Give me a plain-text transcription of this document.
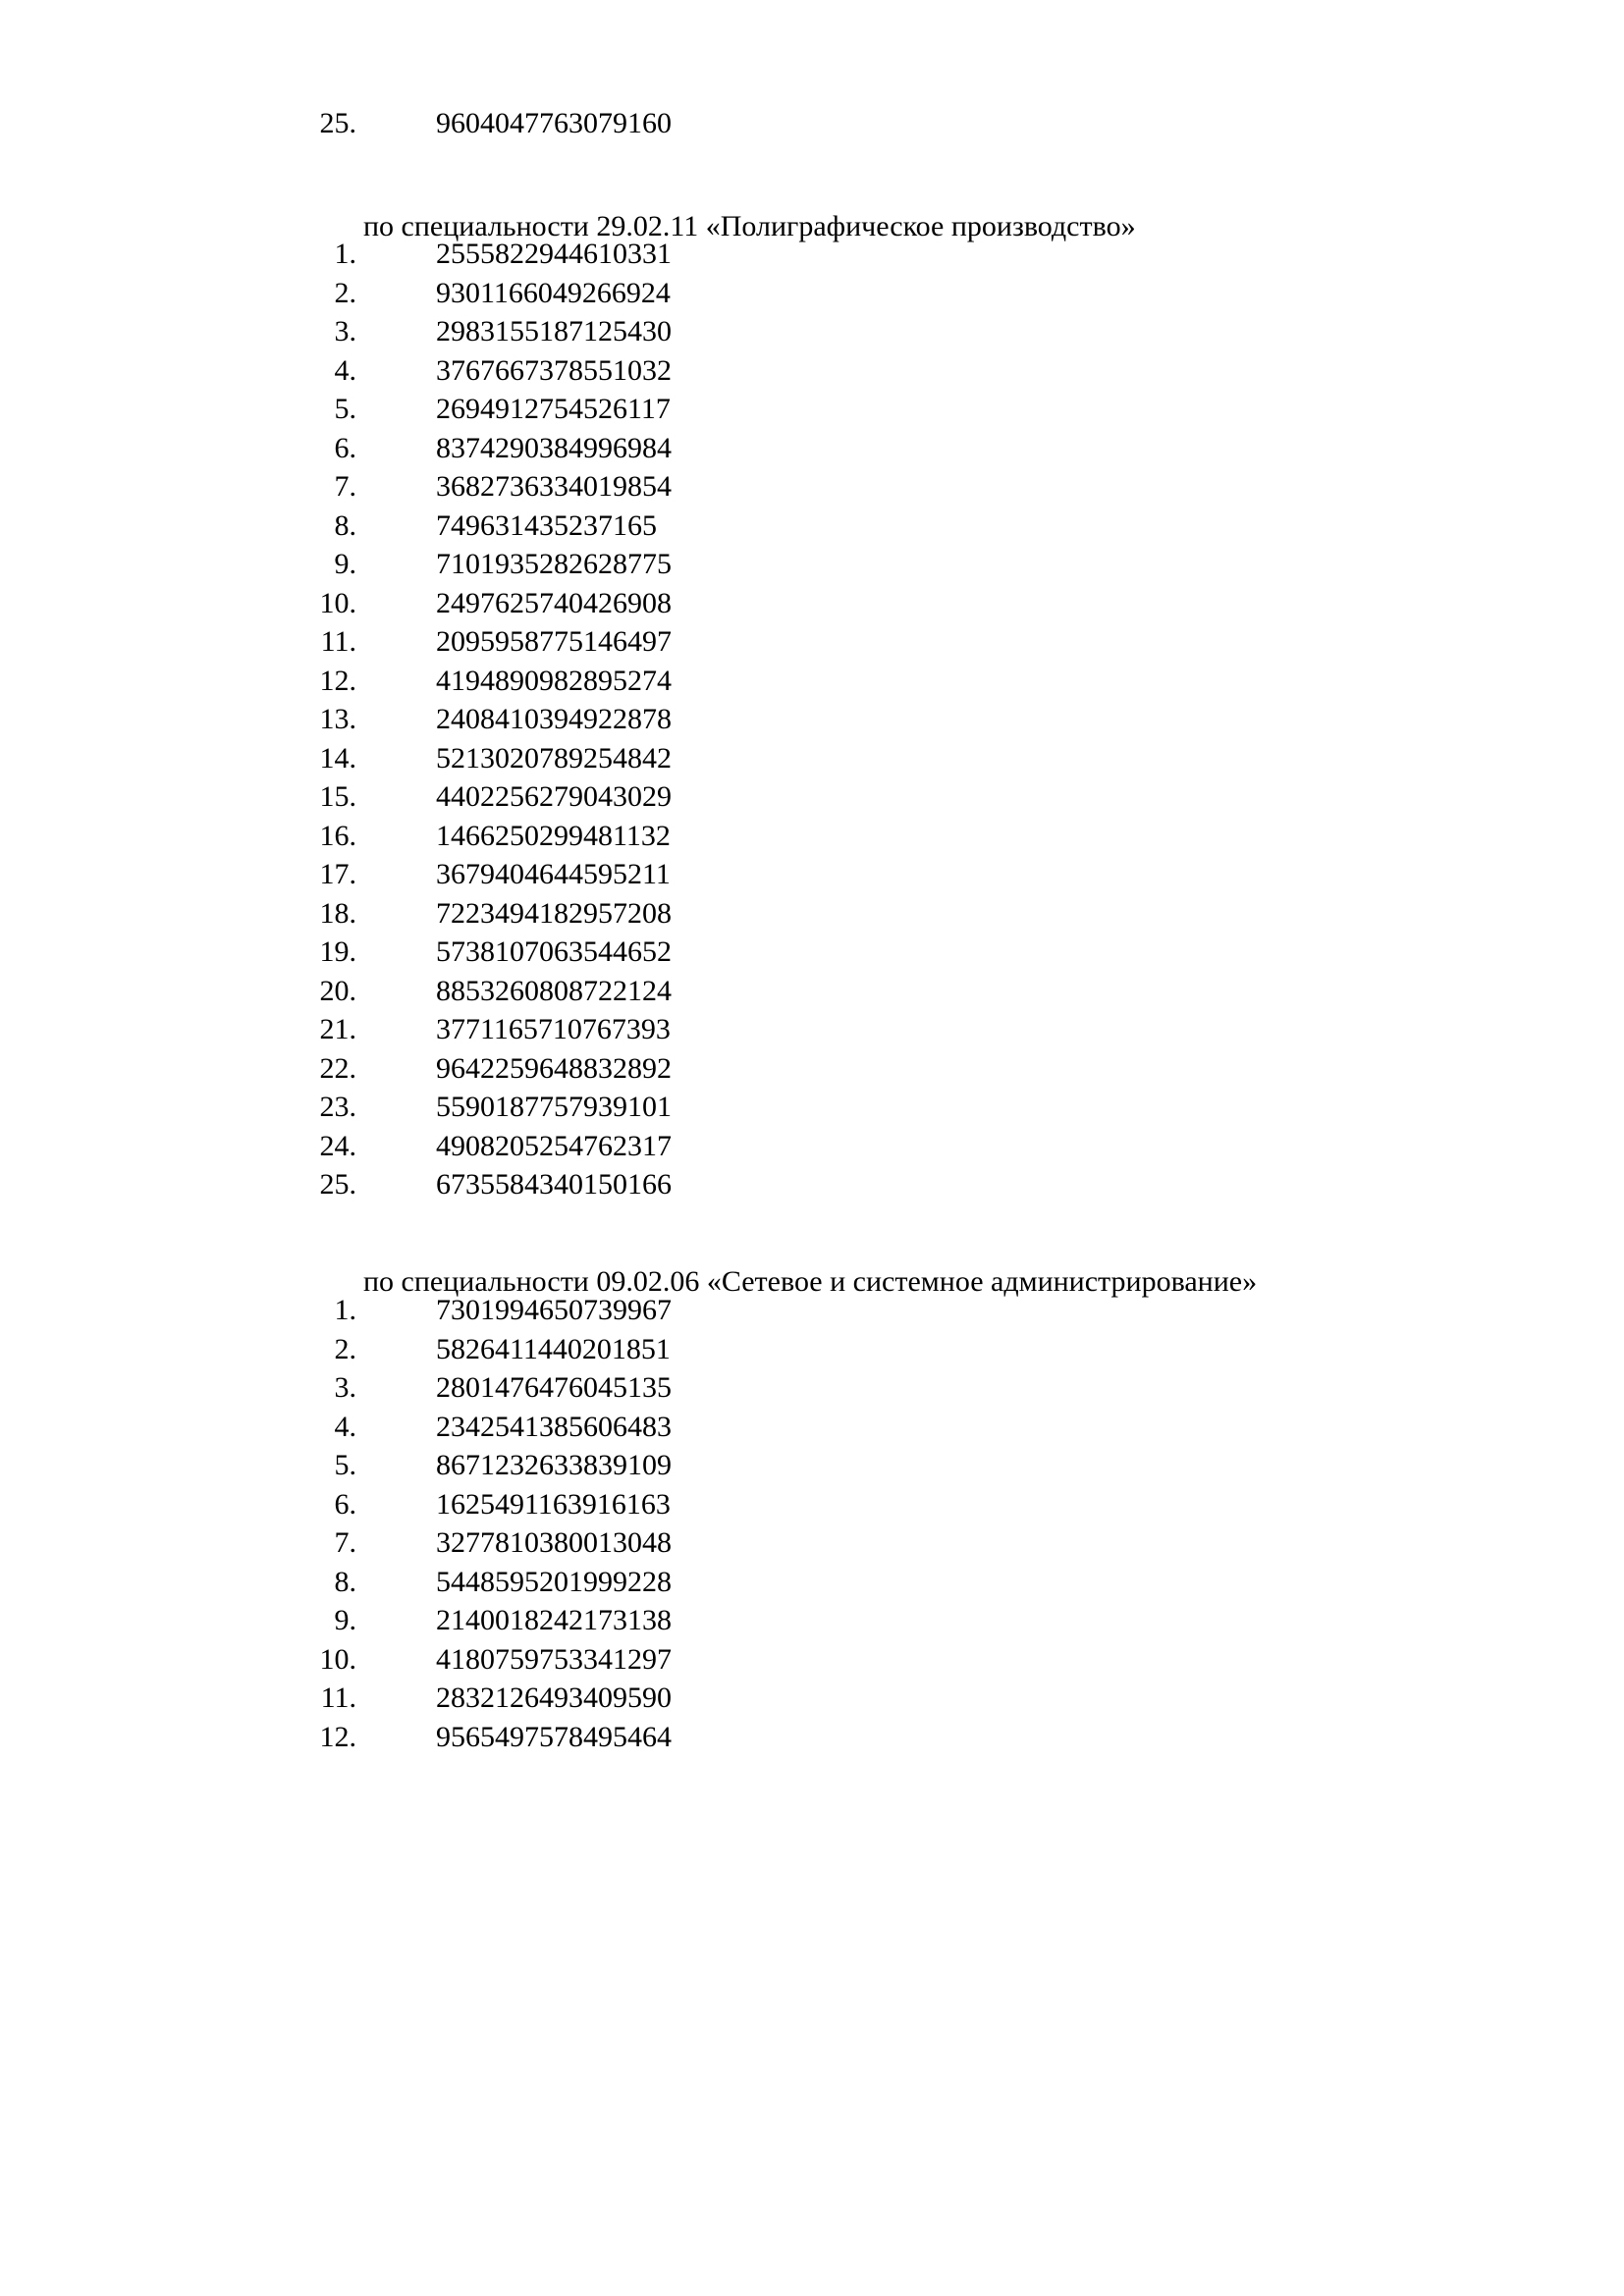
25.	9604047763079160
по специальности 29.02.11 «Полиграфическое производство»
1.	2555822944610331
2.	9301166049266924
3.	2983155187125430
4.	3767667378551032
5.	2694912754526117
6.	8374290384996984
7.	3682736334019854
8.	749631435237165
9.	7101935282628775
10.	2497625740426908
11.	2095958775146497
12.	4194890982895274
13.	2408410394922878
14.	5213020789254842
15.	4402256279043029
16.	1466250299481132
17.	3679404644595211
18.	7223494182957208
19.	5738107063544652
20.	8853260808722124
21.	3771165710767393
22.	9642259648832892
23.	5590187757939101
24.	4908205254762317
25.	6735584340150166
по специальности 09.02.06 «Сетевое и системное администрирование»
1.	7301994650739967
2.	5826411440201851
3.	2801476476045135
4.	2342541385606483
5.	8671232633839109
6.	1625491163916163
7.	3277810380013048
8.	5448595201999228
9.	2140018242173138
10.	4180759753341297
11.	2832126493409590
12.	9565497578495464
